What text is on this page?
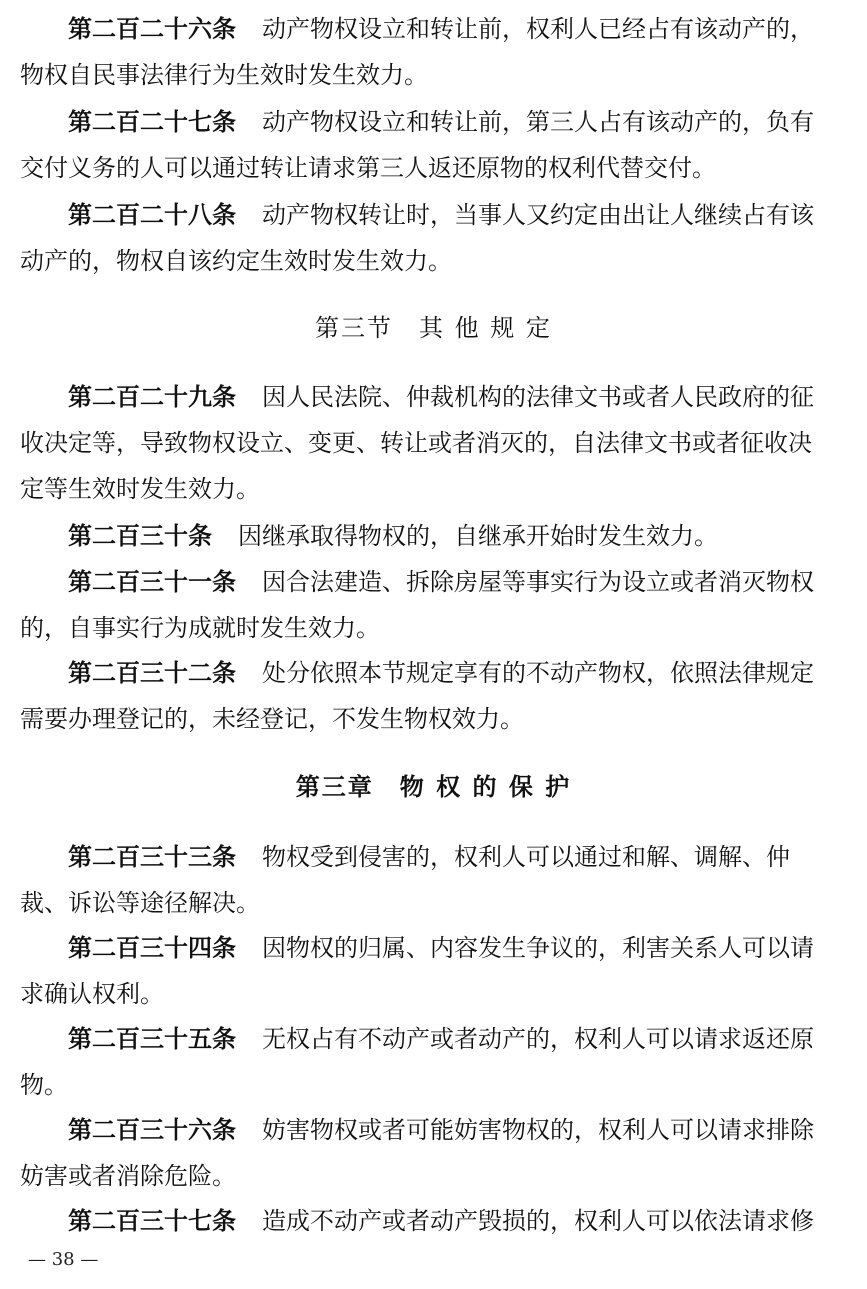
第二百二十六条 动产物权设立和转让前，权利人已经占有该动产的，
物权自民事法律行为生效时发生效力。
第二百二十七条 动产物权设立和转让前，第三人占有该动产的，负有
交付义务的人可以通过转让请求第三人返还原物的权利代替交付。
第二百二十八条 动产物权转让时，当事人又约定由出让人继续占有该
动产的，物权自该约定生效时发生效力。
第三节　其 他 规 定
第二百二十九条 因人民法院、仲裁机构的法律文书或者人民政府的征
收决定等，导致物权设立、变更、转让或者消灭的，自法律文书或者征收决
定等生效时发生效力。
第二百三十条 因继承取得物权的，自继承开始时发生效力。
第二百三十一条 因合法建造、拆除房屋等事实行为设立或者消灭物权
的，自事实行为成就时发生效力。
第二百三十二条 处分依照本节规定享有的不动产物权，依照法律规定
需要办理登记的，未经登记，不发生物权效力。
第三章　物 权 的 保 护
第二百三十三条 物权受到侵害的，权利人可以通过和解、调解、仲
裁、诉讼等途径解决。
第二百三十四条 因物权的归属、内容发生争议的，利害关系人可以请
求确认权利。
第二百三十五条 无权占有不动产或者动产的，权利人可以请求返还原
物。
第二百三十六条 妨害物权或者可能妨害物权的，权利人可以请求排除
妨害或者消除危险。
第二百三十七条 造成不动产或者动产毁损的，权利人可以依法请求修
— 38 —
